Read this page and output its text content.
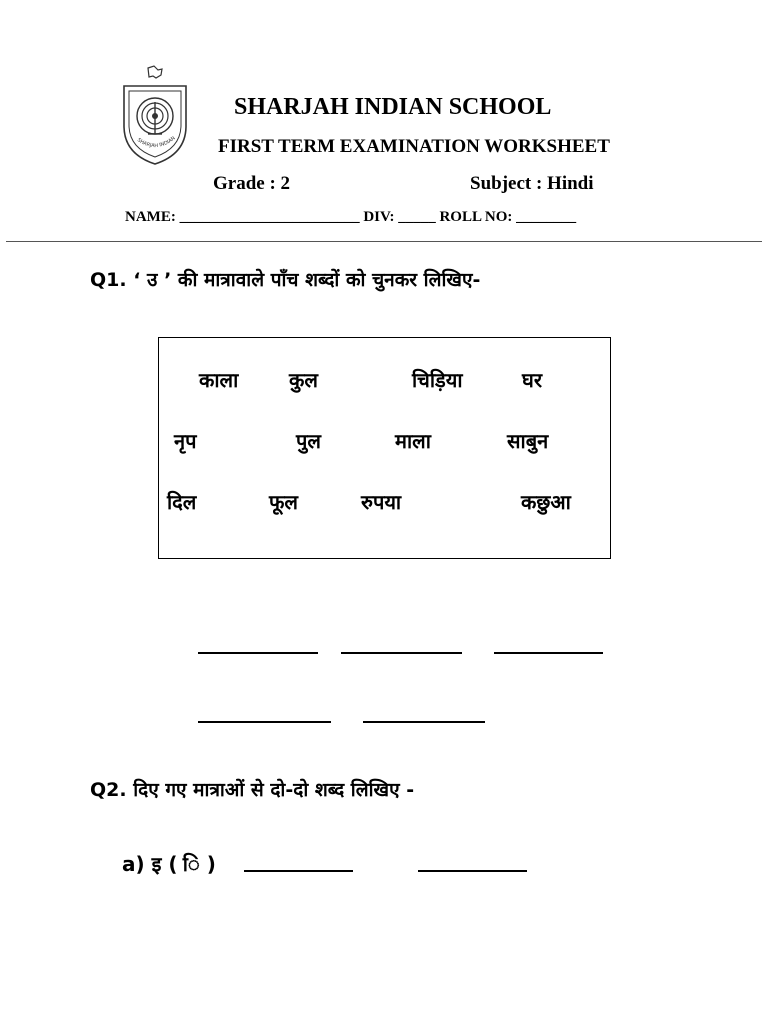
SHARJAH INDIAN
SHARJAH INDIAN SCHOOL
FIRST TERM EXAMINATION WORKSHEET
Grade : 2	Subject : Hindi
NAME: ________________________ DIV: _____ ROLL NO: ________
Q1. ‘ उ ’ की मात्रावाले पाँच शब्दों को चुनकर लिखिए-
काला	कुल	चिड़िया	घर
नृप	पुल	माला	साबुन
दिल	फूल	रुपया	कछुआ
Q2. दिए गए मात्राओं से दो-दो शब्द लिखिए -
a) इ ( ि )
